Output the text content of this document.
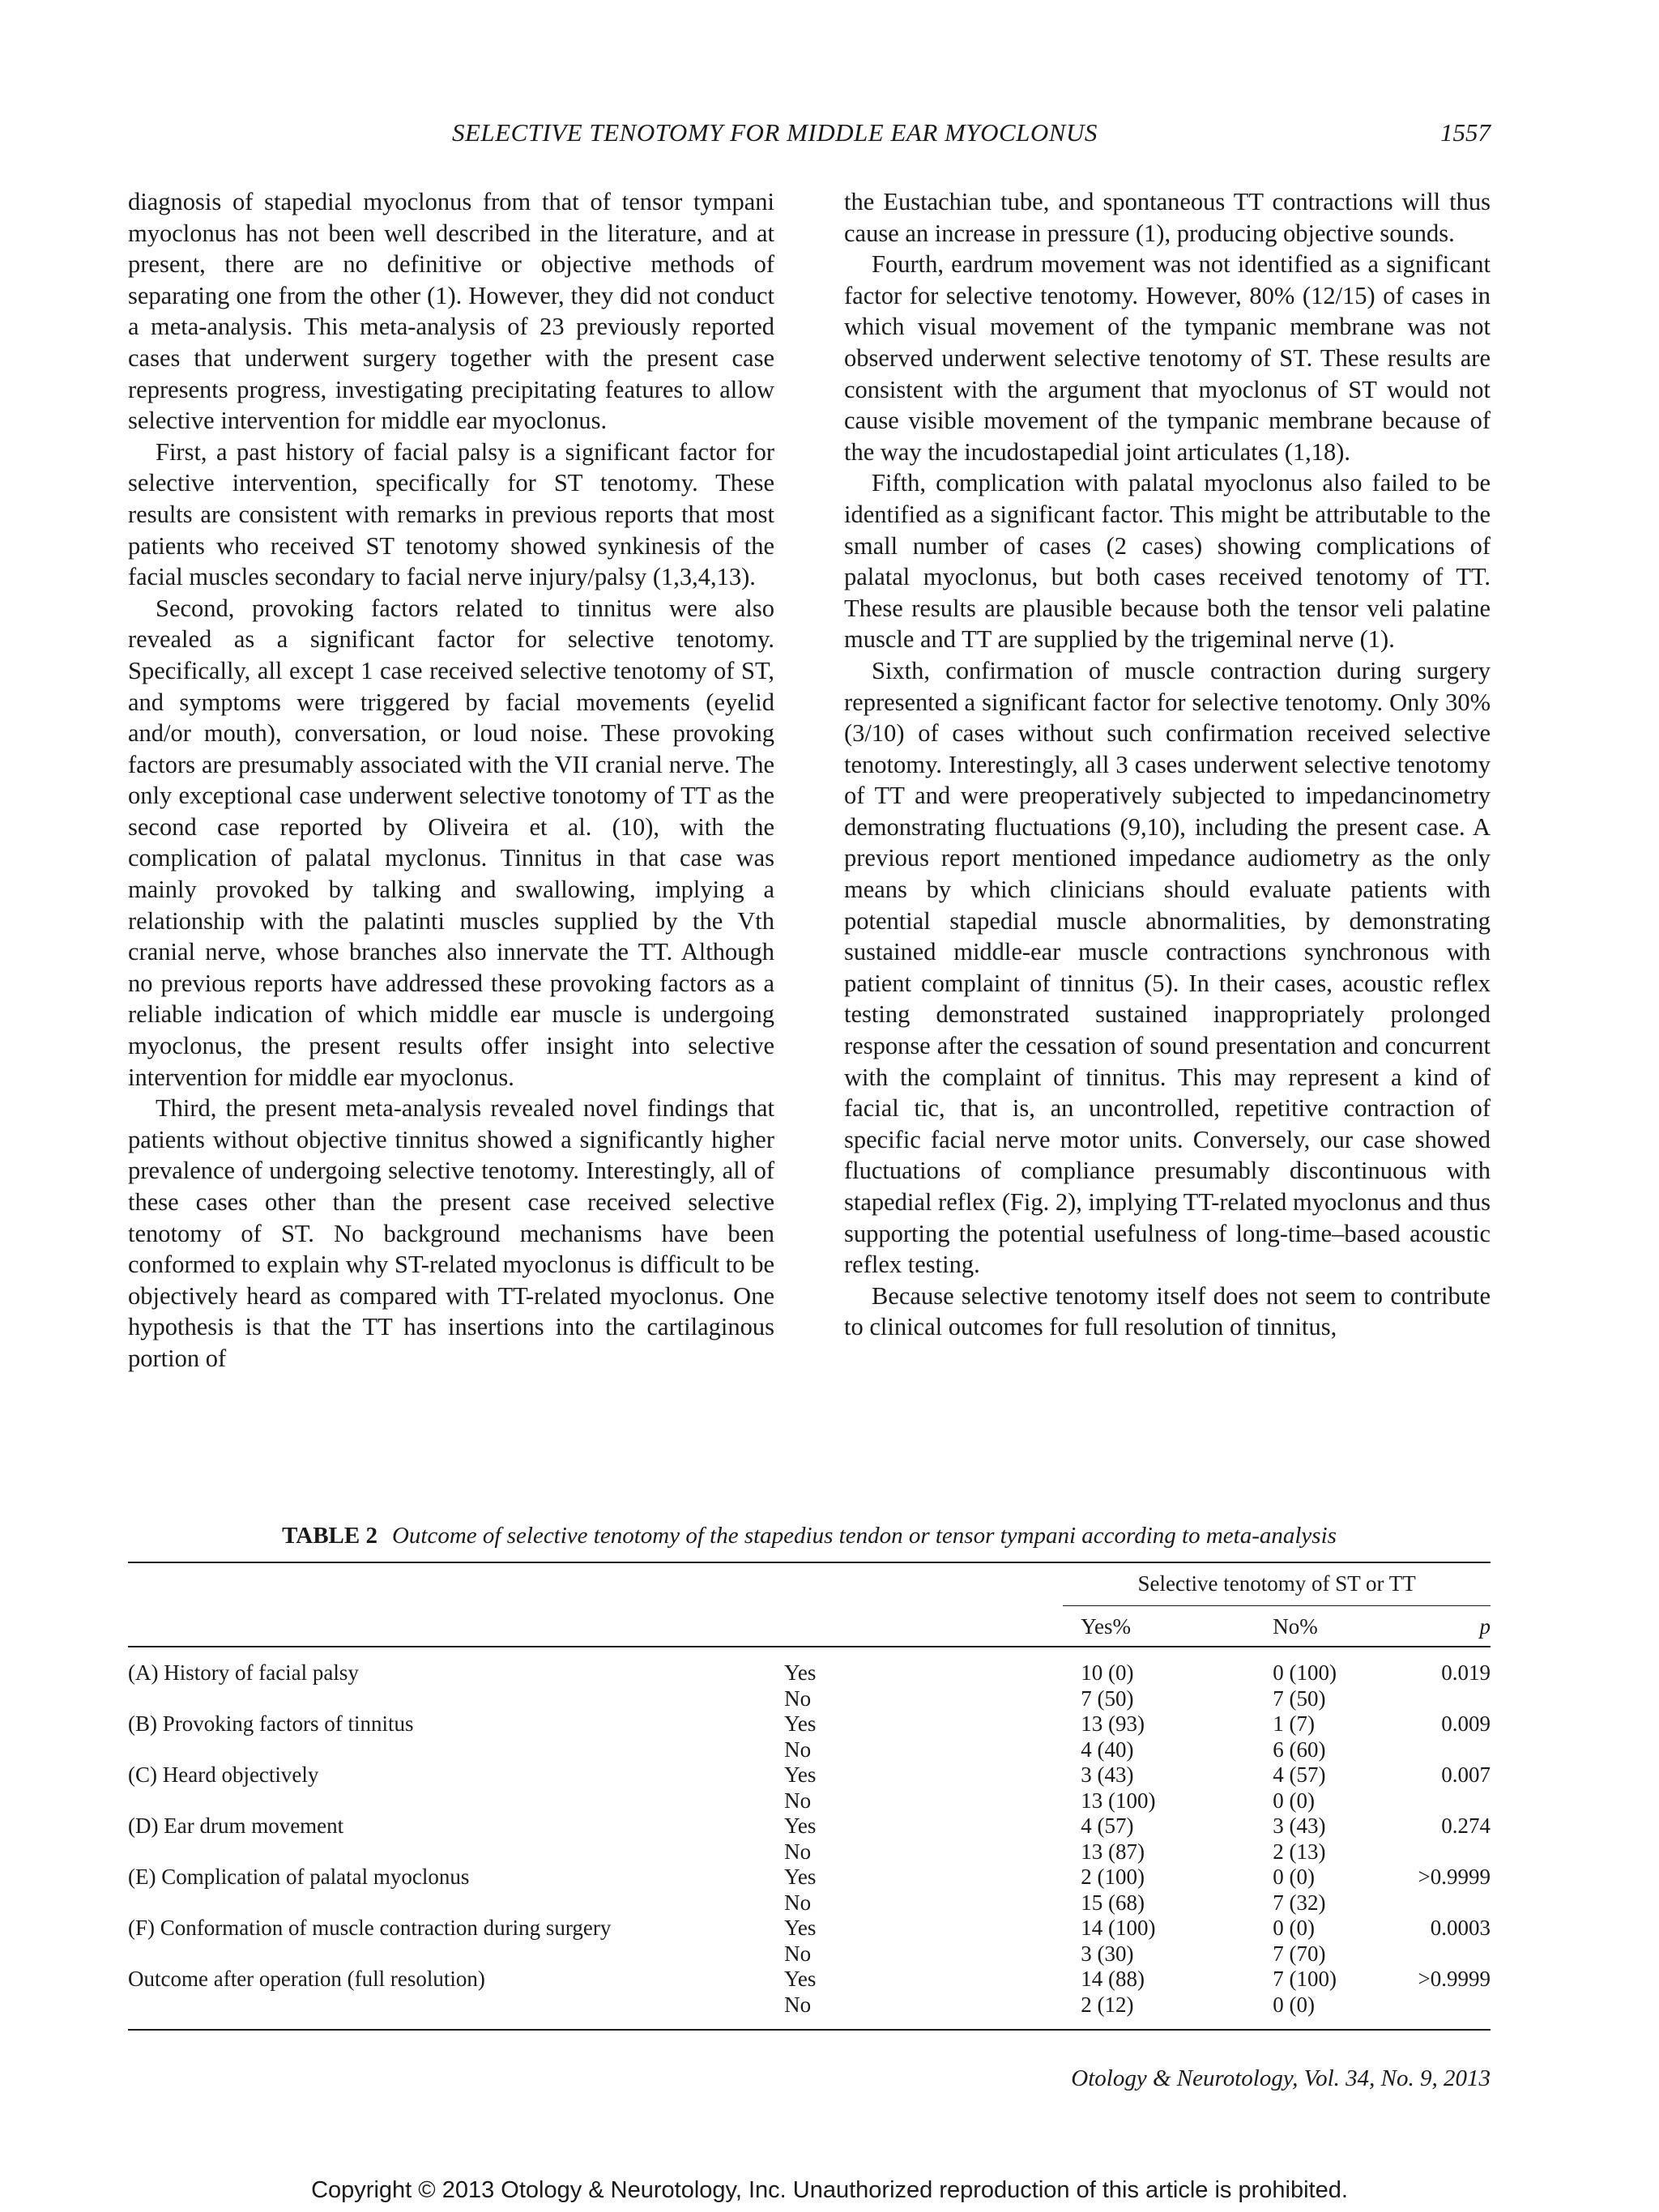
SELECTIVE TENOTOMY FOR MIDDLE EAR MYOCLONUS	1557

diagnosis of stapedial myoclonus from that of tensor tympani myoclonus has not been well described in the literature, and at present, there are no definitive or objective methods of separating one from the other (1). However, they did not conduct a meta-analysis. This meta-analysis of 23 previously reported cases that underwent surgery together with the present case represents progress, investigating precipitating features to allow selective intervention for middle ear myoclonus.

First, a past history of facial palsy is a significant factor for selective intervention, specifically for ST tenotomy. These results are consistent with remarks in previous reports that most patients who received ST tenotomy showed synkinesis of the facial muscles secondary to facial nerve injury/palsy (1,3,4,13).

Second, provoking factors related to tinnitus were also revealed as a significant factor for selective tenotomy. Specifically, all except 1 case received selective tenotomy of ST, and symptoms were triggered by facial movements (eyelid and/or mouth), conversation, or loud noise. These provoking factors are presumably associated with the VII cranial nerve. The only exceptional case underwent selective tonotomy of TT as the second case reported by Oliveira et al. (10), with the complication of palatal myclonus. Tinnitus in that case was mainly provoked by talking and swallowing, implying a relationship with the palatinti muscles supplied by the Vth cranial nerve, whose branches also innervate the TT. Although no previous reports have addressed these provoking factors as a reliable indication of which middle ear muscle is undergoing myoclonus, the present results offer insight into selective intervention for middle ear myoclonus.

Third, the present meta-analysis revealed novel findings that patients without objective tinnitus showed a significantly higher prevalence of undergoing selective tenotomy. Interestingly, all of these cases other than the present case received selective tenotomy of ST. No background mechanisms have been conformed to explain why ST-related myoclonus is difficult to be objectively heard as compared with TT-related myoclonus. One hypothesis is that the TT has insertions into the cartilaginous portion of

the Eustachian tube, and spontaneous TT contractions will thus cause an increase in pressure (1), producing objective sounds.

Fourth, eardrum movement was not identified as a significant factor for selective tenotomy. However, 80% (12/15) of cases in which visual movement of the tympanic membrane was not observed underwent selective tenotomy of ST. These results are consistent with the argument that myoclonus of ST would not cause visible movement of the tympanic membrane because of the way the incudostapedial joint articulates (1,18).

Fifth, complication with palatal myoclonus also failed to be identified as a significant factor. This might be attributable to the small number of cases (2 cases) showing complications of palatal myoclonus, but both cases received tenotomy of TT. These results are plausible because both the tensor veli palatine muscle and TT are supplied by the trigeminal nerve (1).

Sixth, confirmation of muscle contraction during surgery represented a significant factor for selective tenotomy. Only 30% (3/10) of cases without such confirmation received selective tenotomy. Interestingly, all 3 cases underwent selective tenotomy of TT and were preoperatively subjected to impedancinometry demonstrating fluctuations (9,10), including the present case. A previous report mentioned impedance audiometry as the only means by which clinicians should evaluate patients with potential stapedial muscle abnormalities, by demonstrating sustained middle-ear muscle contractions synchronous with patient complaint of tinnitus (5). In their cases, acoustic reflex testing demonstrated sustained inappropriately prolonged response after the cessation of sound presentation and concurrent with the complaint of tinnitus. This may represent a kind of facial tic, that is, an uncontrolled, repetitive contraction of specific facial nerve motor units. Conversely, our case showed fluctuations of compliance presumably discontinuous with stapedial reflex (Fig. 2), implying TT-related myoclonus and thus supporting the potential usefulness of long-time–based acoustic reflex testing.

Because selective tenotomy itself does not seem to contribute to clinical outcomes for full resolution of tinnitus,

TABLE 2 Outcome of selective tenotomy of the stapedius tendon or tensor tympani according to meta-analysis
		Selective tenotomy of ST or TT		
		Yes%	No%	p
(A) History of facial palsy	Yes	10 (0)	0 (100)	0.019
	No	7 (50)	7 (50)	
(B) Provoking factors of tinnitus	Yes	13 (93)	1 (7)	0.009
	No	4 (40)	6 (60)	
(C) Heard objectively	Yes	3 (43)	4 (57)	0.007
	No	13 (100)	0 (0)	
(D) Ear drum movement	Yes	4 (57)	3 (43)	0.274
	No	13 (87)	2 (13)	
(E) Complication of palatal myoclonus	Yes	2 (100)	0 (0)	>0.9999
	No	15 (68)	7 (32)	
(F) Conformation of muscle contraction during surgery	Yes	14 (100)	0 (0)	0.0003
	No	3 (30)	7 (70)	
Outcome after operation (full resolution)	Yes	14 (88)	7 (100)	>0.9999
	No	2 (12)	0 (0)	
Otology & Neurotology, Vol. 34, No. 9, 2013
Copyright © 2013 Otology & Neurotology, Inc. Unauthorized reproduction of this article is prohibited.
